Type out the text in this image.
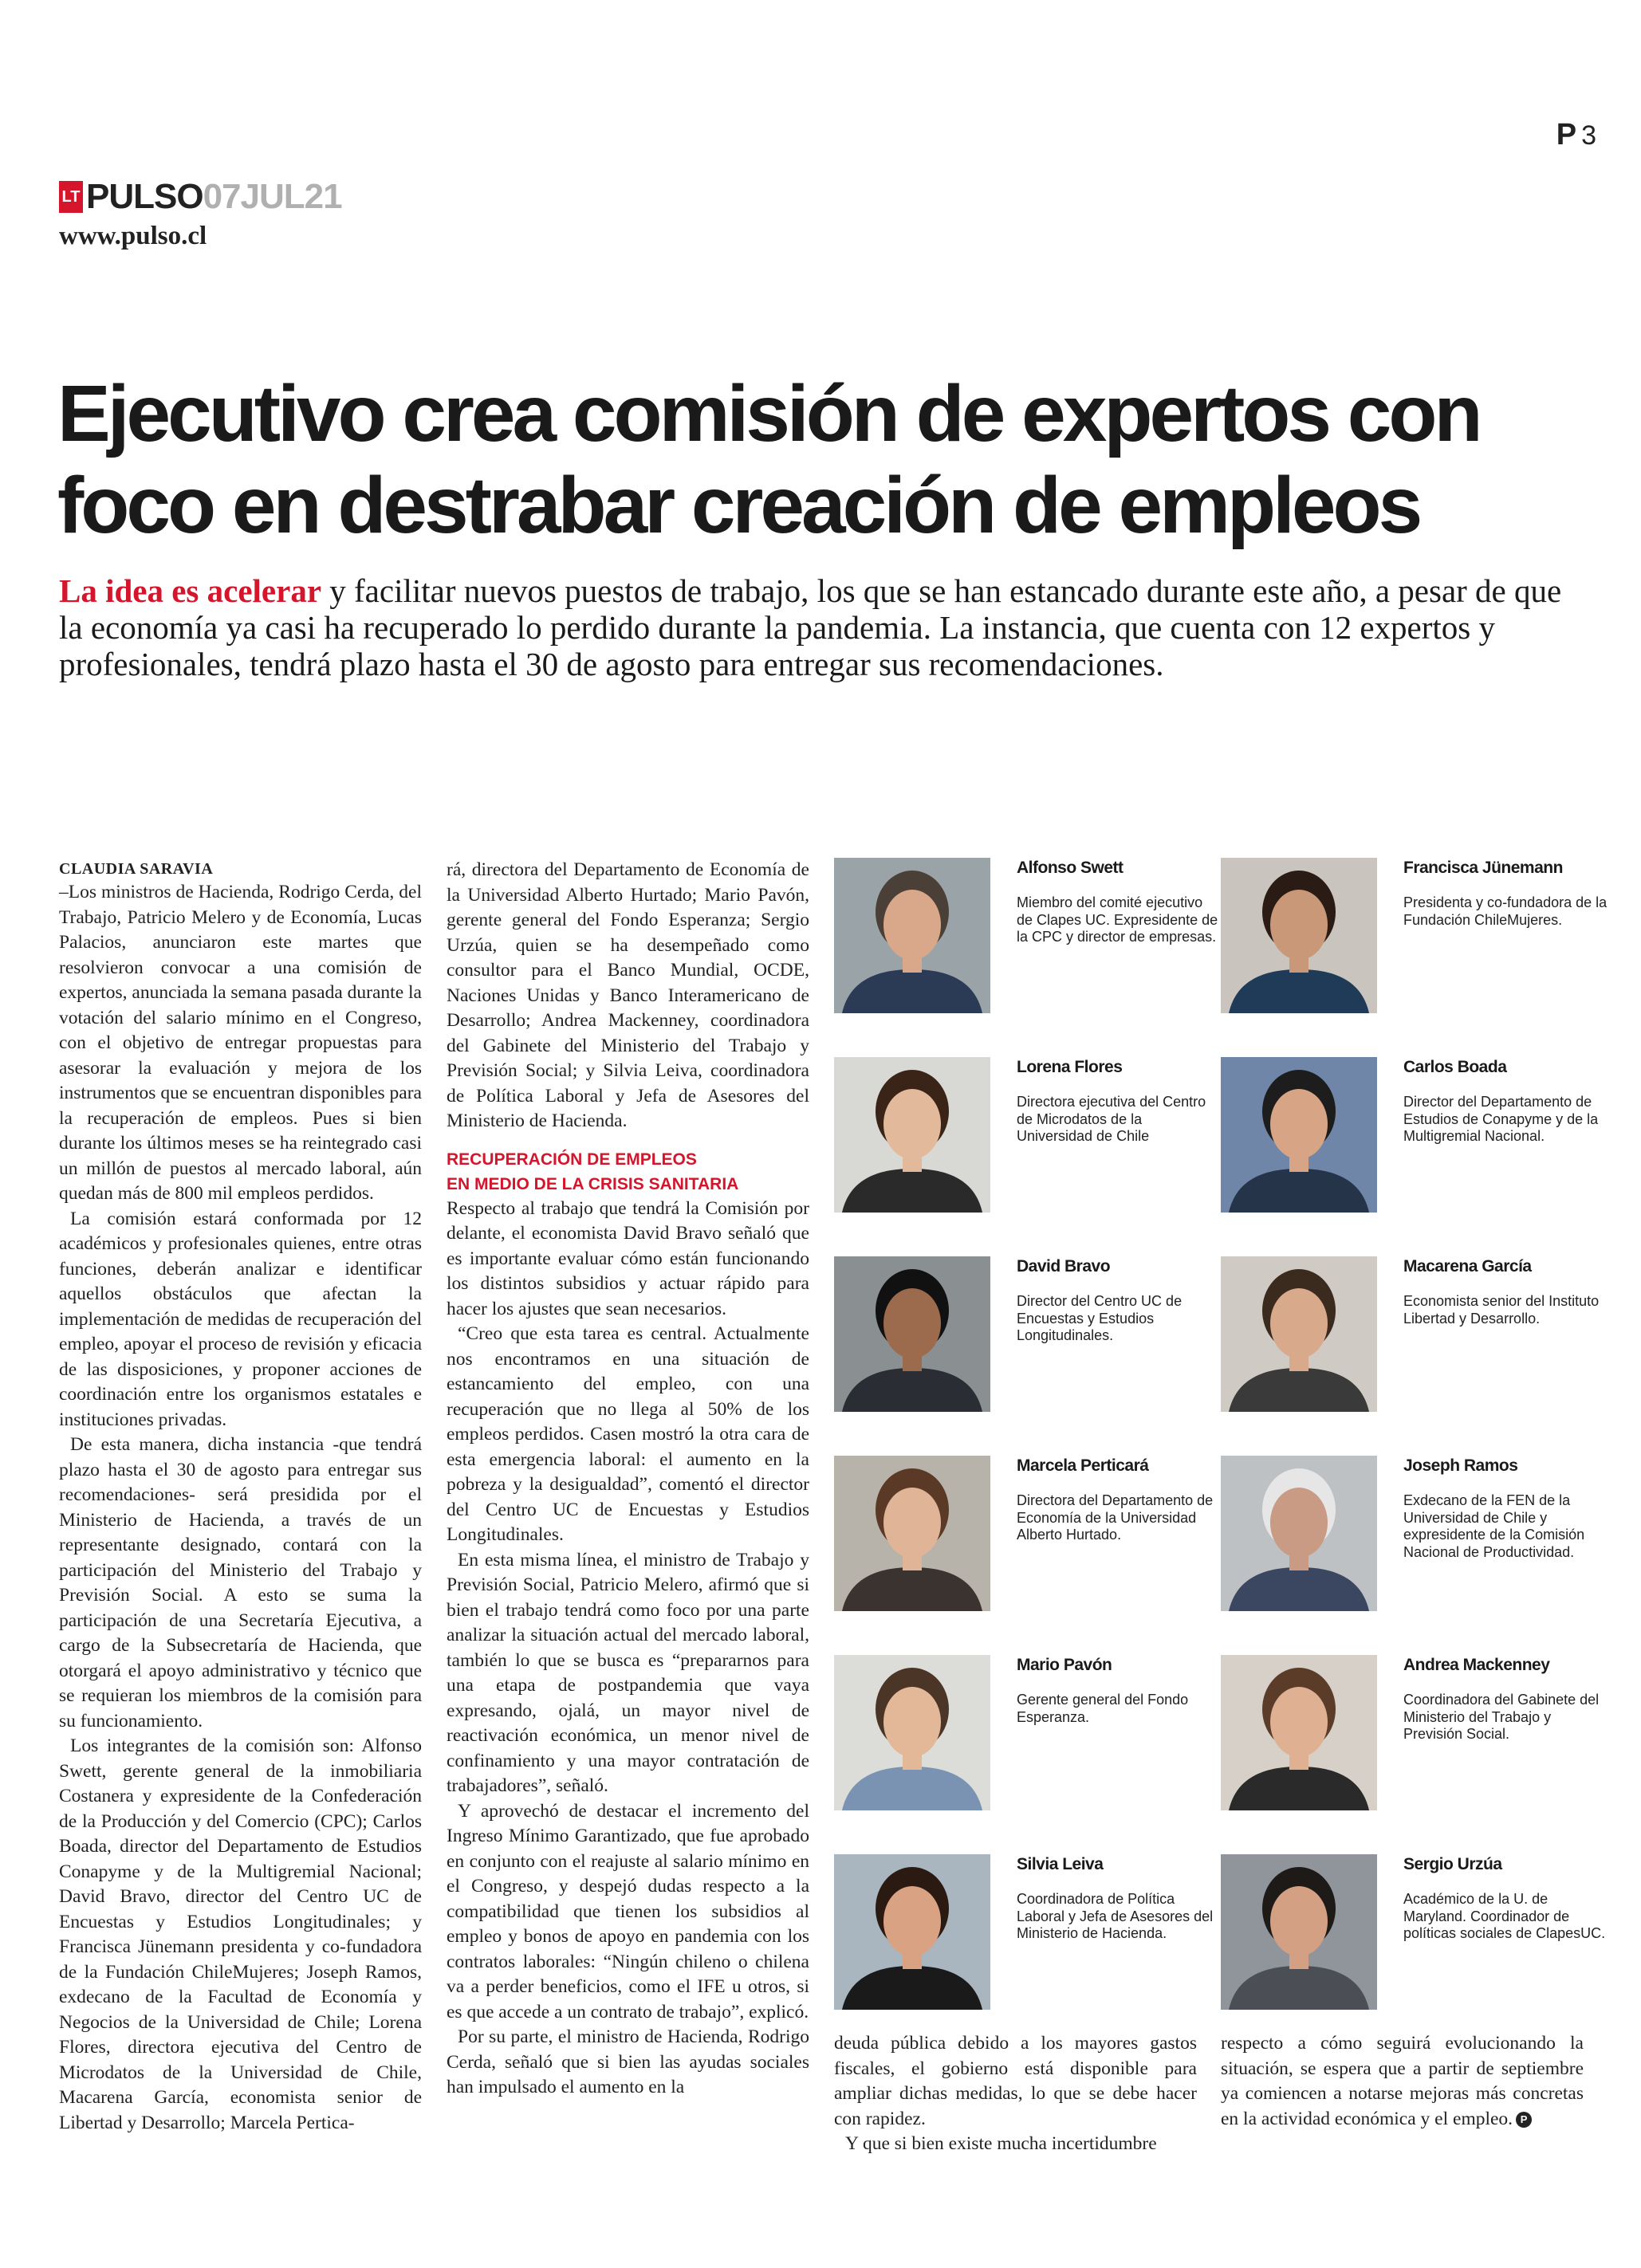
P 3
LT PULSO 07JUL21
www.pulso.cl
Ejecutivo crea comisión de expertos con foco en destrabar creación de empleos

La idea es acelerar y facilitar nuevos puestos de trabajo, los que se han estancado durante este año, a pesar de que la economía ya casi ha recuperado lo perdido durante la pandemia. La instancia, que cuenta con 12 expertos y profesionales, tendrá plazo hasta el 30 de agosto para entregar sus recomendaciones.

CLAUDIA SARAVIA

–Los ministros de Hacienda, Rodrigo Cerda, del Trabajo, Patricio Melero y de Economía, Lucas Palacios, anunciaron este martes que resolvieron convocar a una comisión de expertos, anunciada la semana pasada durante la votación del salario mínimo en el Congreso, con el objetivo de entregar propuestas para asesorar la evaluación y mejora de los instrumentos que se encuentran disponibles para la recuperación de empleos. Pues si bien durante los últimos meses se ha reintegrado casi un millón de puestos al mercado laboral, aún quedan más de 800 mil empleos perdidos.

La comisión estará conformada por 12 académicos y profesionales quienes, entre otras funciones, deberán analizar e identificar aquellos obstáculos que afectan la implementación de medidas de recuperación del empleo, apoyar el proceso de revisión y eficacia de las disposiciones, y proponer acciones de coordinación entre los organismos estatales e instituciones privadas.

De esta manera, dicha instancia -que tendrá plazo hasta el 30 de agosto para entregar sus recomendaciones- será presidida por el Ministerio de Hacienda, a través de un representante designado, contará con la participación del Ministerio del Trabajo y Previsión Social. A esto se suma la participación de una Secretaría Ejecutiva, a cargo de la Subsecretaría de Hacienda, que otorgará el apoyo administrativo y técnico que se requieran los miembros de la comisión para su funcionamiento.

Los integrantes de la comisión son: Alfonso Swett, gerente general de la inmobiliaria Costanera y expresidente de la Confederación de la Producción y del Comercio (CPC); Carlos Boada, director del Departamento de Estudios Conapyme y de la Multigremial Nacional; David Bravo, director del Centro UC de Encuestas y Estudios Longitudinales; y Francisca Jünemann presidenta y co-fundadora de la Fundación ChileMujeres; Joseph Ramos, exdecano de la Facultad de Economía y Negocios de la Universidad de Chile; Lorena Flores, directora ejecutiva del Centro de Microdatos de la Universidad de Chile, Macarena García, economista senior de Libertad y Desarrollo; Marcela Pertica-

rá, directora del Departamento de Economía de la Universidad Alberto Hurtado; Mario Pavón, gerente general del Fondo Esperanza; Sergio Urzúa, quien se ha desempeñado como consultor para el Banco Mundial, OCDE, Naciones Unidas y Banco Interamericano de Desarrollo; Andrea Mackenney, coordinadora del Gabinete del Ministerio del Trabajo y Previsión Social; y Silvia Leiva, coordinadora de Política Laboral y Jefa de Asesores del Ministerio de Hacienda.

RECUPERACIÓN DE EMPLEOS
EN MEDIO DE LA CRISIS SANITARIA

Respecto al trabajo que tendrá la Comisión por delante, el economista David Bravo señaló que es importante evaluar cómo están funcionando los distintos subsidios y actuar rápido para hacer los ajustes que sean necesarios.

“Creo que esta tarea es central. Actualmente nos encontramos en una situación de estancamiento del empleo, con una recuperación que no llega al 50% de los empleos perdidos. Casen mostró la otra cara de esta emergencia laboral: el aumento en la pobreza y la desigualdad”, comentó el director del Centro UC de Encuestas y Estudios Longitudinales.

En esta misma línea, el ministro de Trabajo y Previsión Social, Patricio Melero, afirmó que si bien el trabajo tendrá como foco por una parte analizar la situación actual del mercado laboral, también lo que se busca es “prepararnos para una etapa de postpandemia que vaya expresando, ojalá, un mayor nivel de reactivación económica, un menor nivel de confinamiento y una mayor contratación de trabajadores”, señaló.

Y aprovechó de destacar el incremento del Ingreso Mínimo Garantizado, que fue aprobado en conjunto con el reajuste al salario mínimo en el Congreso, y despejó dudas respecto a la compatibilidad que tienen los subsidios al empleo y bonos de apoyo en pandemia con los contratos laborales: “Ningún chileno o chilena va a perder beneficios, como el IFE u otros, si es que accede a un contrato de trabajo”, explicó.

Por su parte, el ministro de Hacienda, Rodrigo Cerda, señaló que si bien las ayudas sociales han impulsado el aumento en la

deuda pública debido a los mayores gastos fiscales, el gobierno está disponible para ampliar dichas medidas, lo que se debe hacer con rapidez.

Y que si bien existe mucha incertidumbre

respecto a cómo seguirá evolucionando la situación, se espera que a partir de septiembre ya comiencen a notarse mejoras más concretas en la actividad económica y el empleo. P

Alfonso Swett
Miembro del comité ejecutivo de Clapes UC. Expresidente de la CPC y director de empresas.
Francisca Jünemann
Presidenta y co-fundadora de la Fundación ChileMujeres.
Lorena Flores
Directora ejecutiva del Centro de Microdatos de la Universidad de Chile
Carlos Boada
Director del Departamento de Estudios de Conapyme y de la Multigremial Nacional.
David Bravo
Director del Centro UC de Encuestas y Estudios Longitudinales.
Macarena García
Economista senior del Instituto Libertad y Desarrollo.
Marcela Perticará
Directora del Departamento de Economía de la Universidad Alberto Hurtado.
Joseph Ramos
Exdecano de la FEN de la Universidad de Chile y expresidente de la Comisión Nacional de Productividad.
Mario Pavón
Gerente general del Fondo Esperanza.
Andrea Mackenney
Coordinadora del Gabinete del Ministerio del Trabajo y Previsión Social.
Silvia Leiva
Coordinadora de Política Laboral y Jefa de Asesores del Ministerio de Hacienda.
Sergio Urzúa
Académico de la U. de Maryland. Coordinador de políticas sociales de ClapesUC.
